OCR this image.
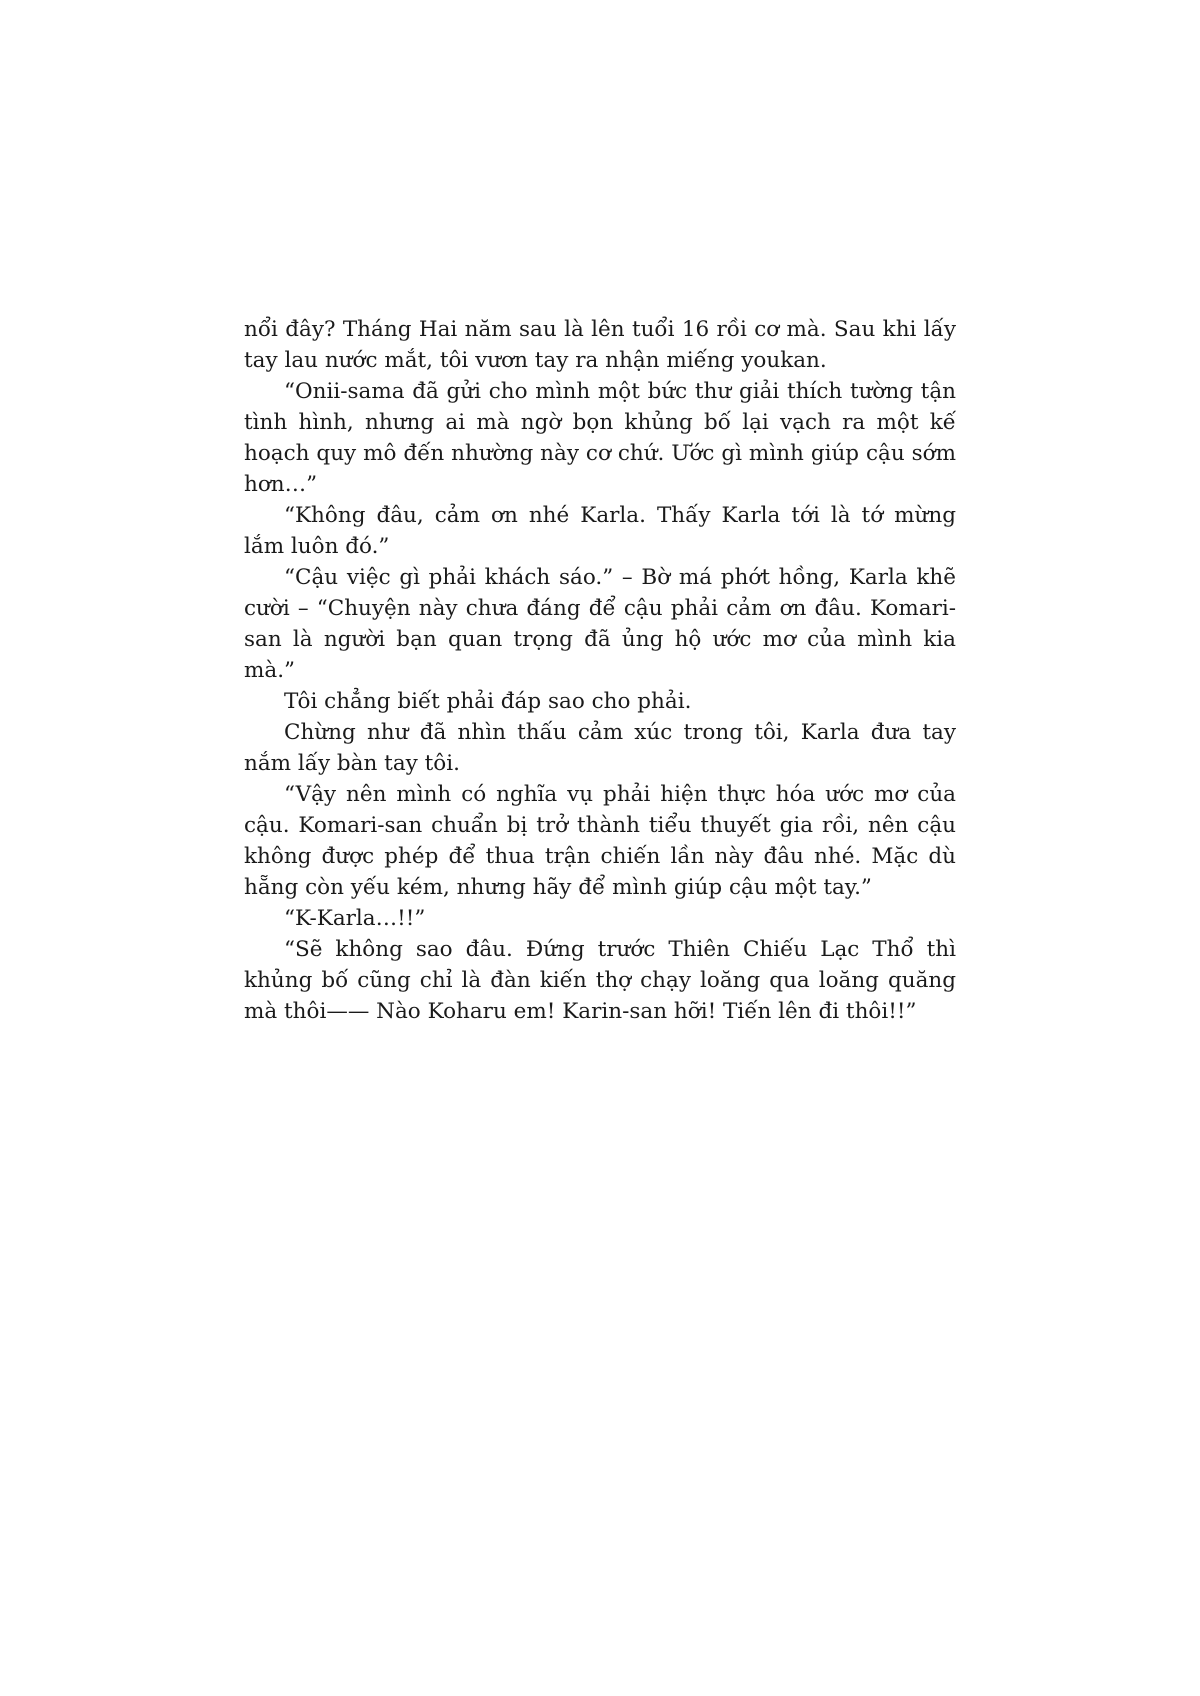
nổi đây? Tháng Hai năm sau là lên tuổi 16 rồi cơ mà. Sau khi lấy tay lau nước mắt, tôi vươn tay ra nhận miếng youkan.

“Onii-sama đã gửi cho mình một bức thư giải thích tường tận tình hình, nhưng ai mà ngờ bọn khủng bố lại vạch ra một kế hoạch quy mô đến nhường này cơ chứ. Ước gì mình giúp cậu sớm hơn…”

“Không đâu, cảm ơn nhé Karla. Thấy Karla tới là tớ mừng lắm luôn đó.”

“Cậu việc gì phải khách sáo.” – Bờ má phớt hồng, Karla khẽ cười – “Chuyện này chưa đáng để cậu phải cảm ơn đâu. Komari-san là người bạn quan trọng đã ủng hộ ước mơ của mình kia mà.”

Tôi chẳng biết phải đáp sao cho phải.

Chừng như đã nhìn thấu cảm xúc trong tôi, Karla đưa tay nắm lấy bàn tay tôi.

“Vậy nên mình có nghĩa vụ phải hiện thực hóa ước mơ của cậu. Komari-san chuẩn bị trở thành tiểu thuyết gia rồi, nên cậu không được phép để thua trận chiến lần này đâu nhé. Mặc dù hẵng còn yếu kém, nhưng hãy để mình giúp cậu một tay.”

“K-Karla…!!”

“Sẽ không sao đâu. Đứng trước Thiên Chiếu Lạc Thổ thì khủng bố cũng chỉ là đàn kiến thợ chạy loăng qua loăng quăng mà thôi—— Nào Koharu em! Karin-san hỡi! Tiến lên đi thôi!!”
